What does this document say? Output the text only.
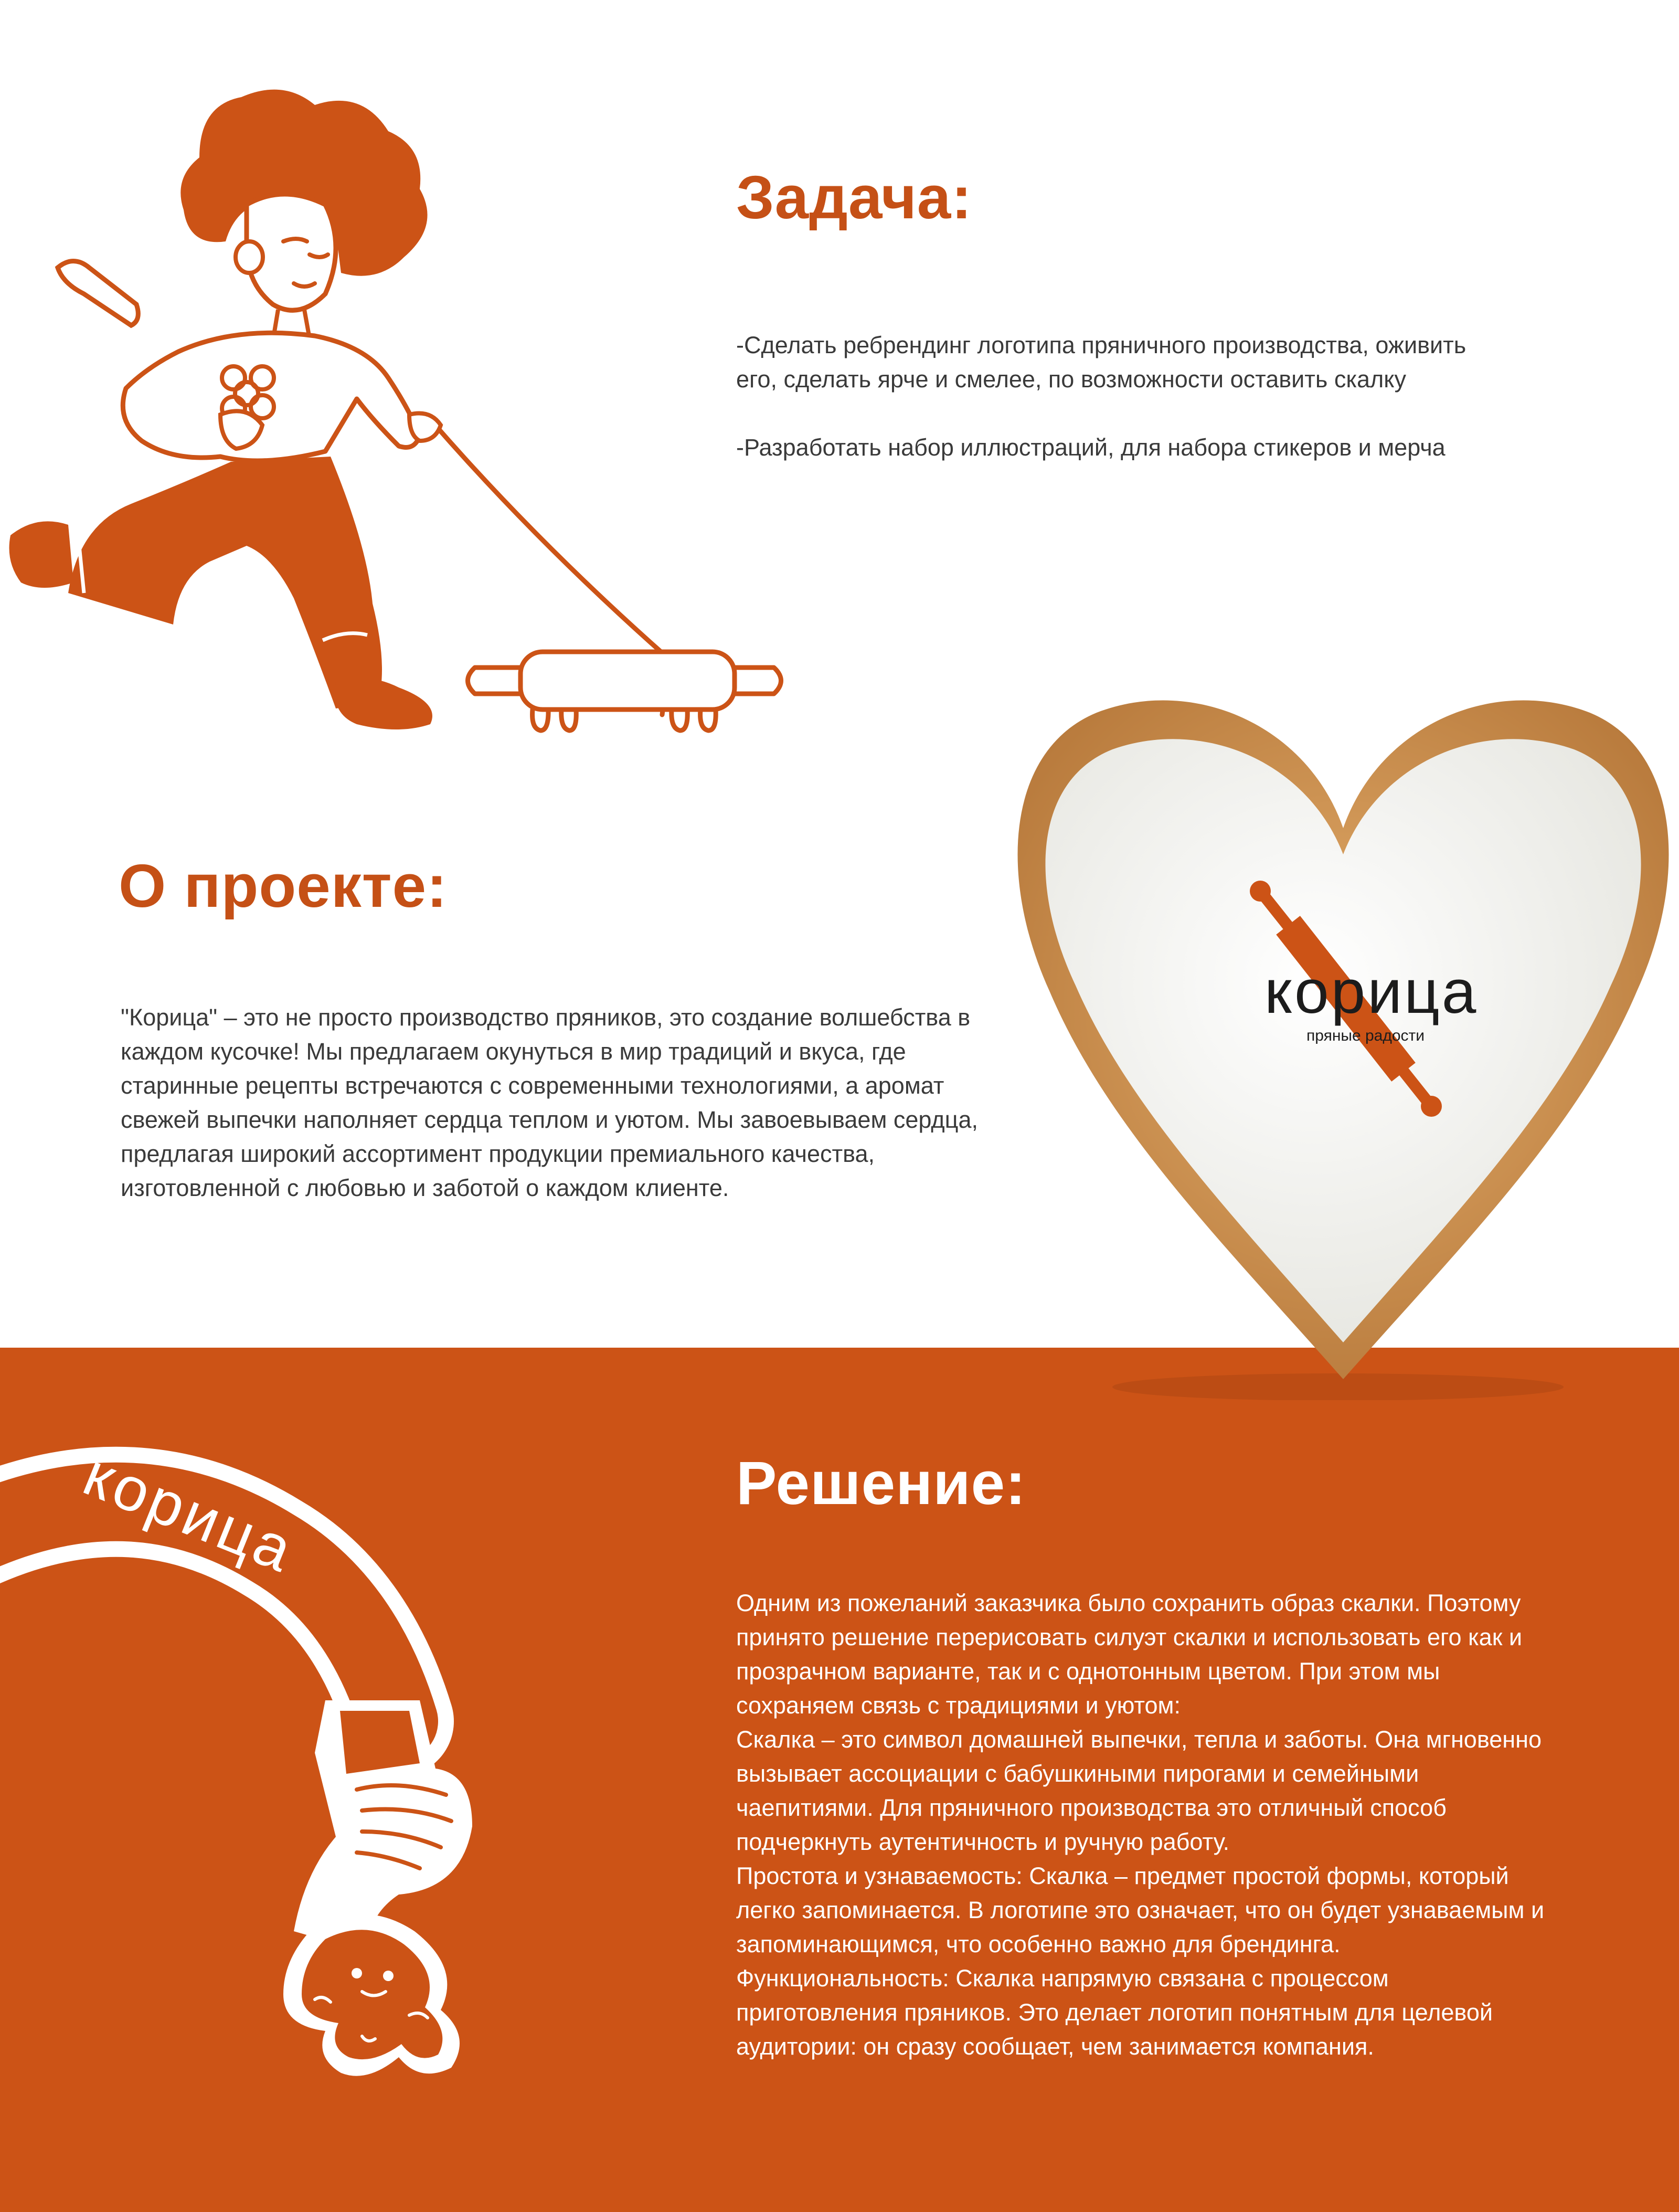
Задача:

-Сделать ребрендинг логотипа пряничного производства, оживить его, сделать ярче и смелее, по возможности оставить скалку

-Разработать набор иллюстраций, для набора стикеров и мерча

корица
пряные радости
О проекте:

"Корица" – это не просто производство пряников, это создание волшебства в каждом кусочке! Мы предлагаем окунуться в мир традиций и вкуса, где старинные рецепты встречаются с современными технологиями, а аромат свежей выпечки наполняет сердца теплом и уютом. Мы завоевываем сердца, предлагая широкий ассортимент продукции премиального качества, изготовленной с любовью и заботой о каждом клиенте.

корица	Решение:

Одним из пожеланий заказчика было сохранить образ скалки. Поэтому принято решение перерисовать силуэт скалки и использовать его как и прозрачном варианте, так и с однотонным цветом. При этом мы сохраняем связь с традициями и уютом:

Скалка – это символ домашней выпечки, тепла и заботы. Она мгновенно вызывает ассоциации с бабушкиными пирогами и семейными чаепитиями. Для пряничного производства это отличный способ подчеркнуть аутентичность и ручную работу.

Простота и узнаваемость: Скалка – предмет простой формы, который легко запоминается. В логотипе это означает, что он будет узнаваемым и запоминающимся, что особенно важно для брендинга.

Функциональность: Скалка напрямую связана с процессом приготовления пряников. Это делает логотип понятным для целевой аудитории: он сразу сообщает, чем занимается компания.
